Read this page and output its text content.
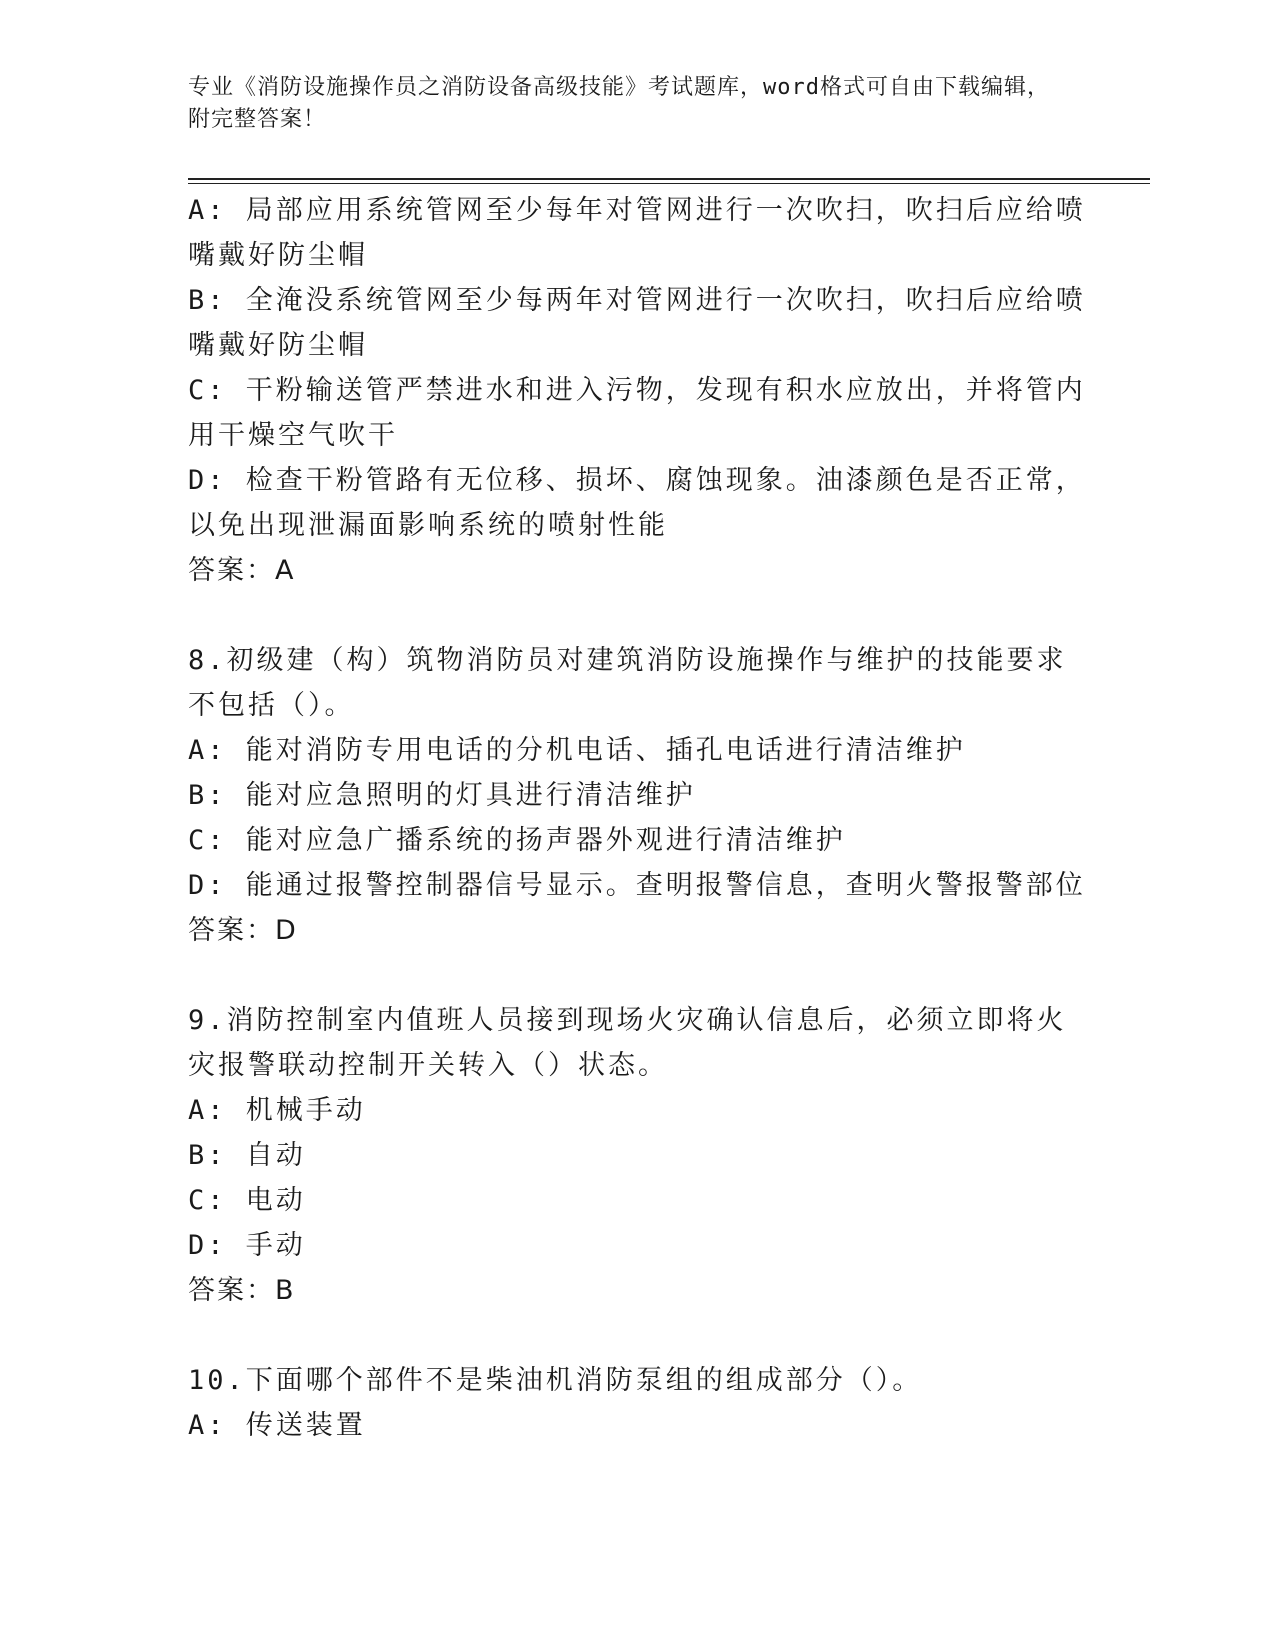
专业《消防设施操作员之消防设备高级技能》考试题库，word格式可自由下载编辑，附完整答案！
A: 局部应用系统管网至少每年对管网进行一次吹扫，吹扫后应给喷嘴戴好防尘帽
B: 全淹没系统管网至少每两年对管网进行一次吹扫，吹扫后应给喷嘴戴好防尘帽
C: 干粉输送管严禁进水和进入污物，发现有积水应放出，并将管内用干燥空气吹干
D: 检查干粉管路有无位移、损坏、腐蚀现象。油漆颜色是否正常，以免出现泄漏面影响系统的喷射性能
答案：A
8.初级建（构）筑物消防员对建筑消防设施操作与维护的技能要求不包括（）。
A: 能对消防专用电话的分机电话、插孔电话进行清洁维护
B: 能对应急照明的灯具进行清洁维护
C: 能对应急广播系统的扬声器外观进行清洁维护
D: 能通过报警控制器信号显示。查明报警信息，查明火警报警部位
答案：D
9.消防控制室内值班人员接到现场火灾确认信息后，必须立即将火灾报警联动控制开关转入（）状态。
A: 机械手动
B: 自动
C: 电动
D: 手动
答案：B
10.下面哪个部件不是柴油机消防泵组的组成部分（）。
A: 传送装置
